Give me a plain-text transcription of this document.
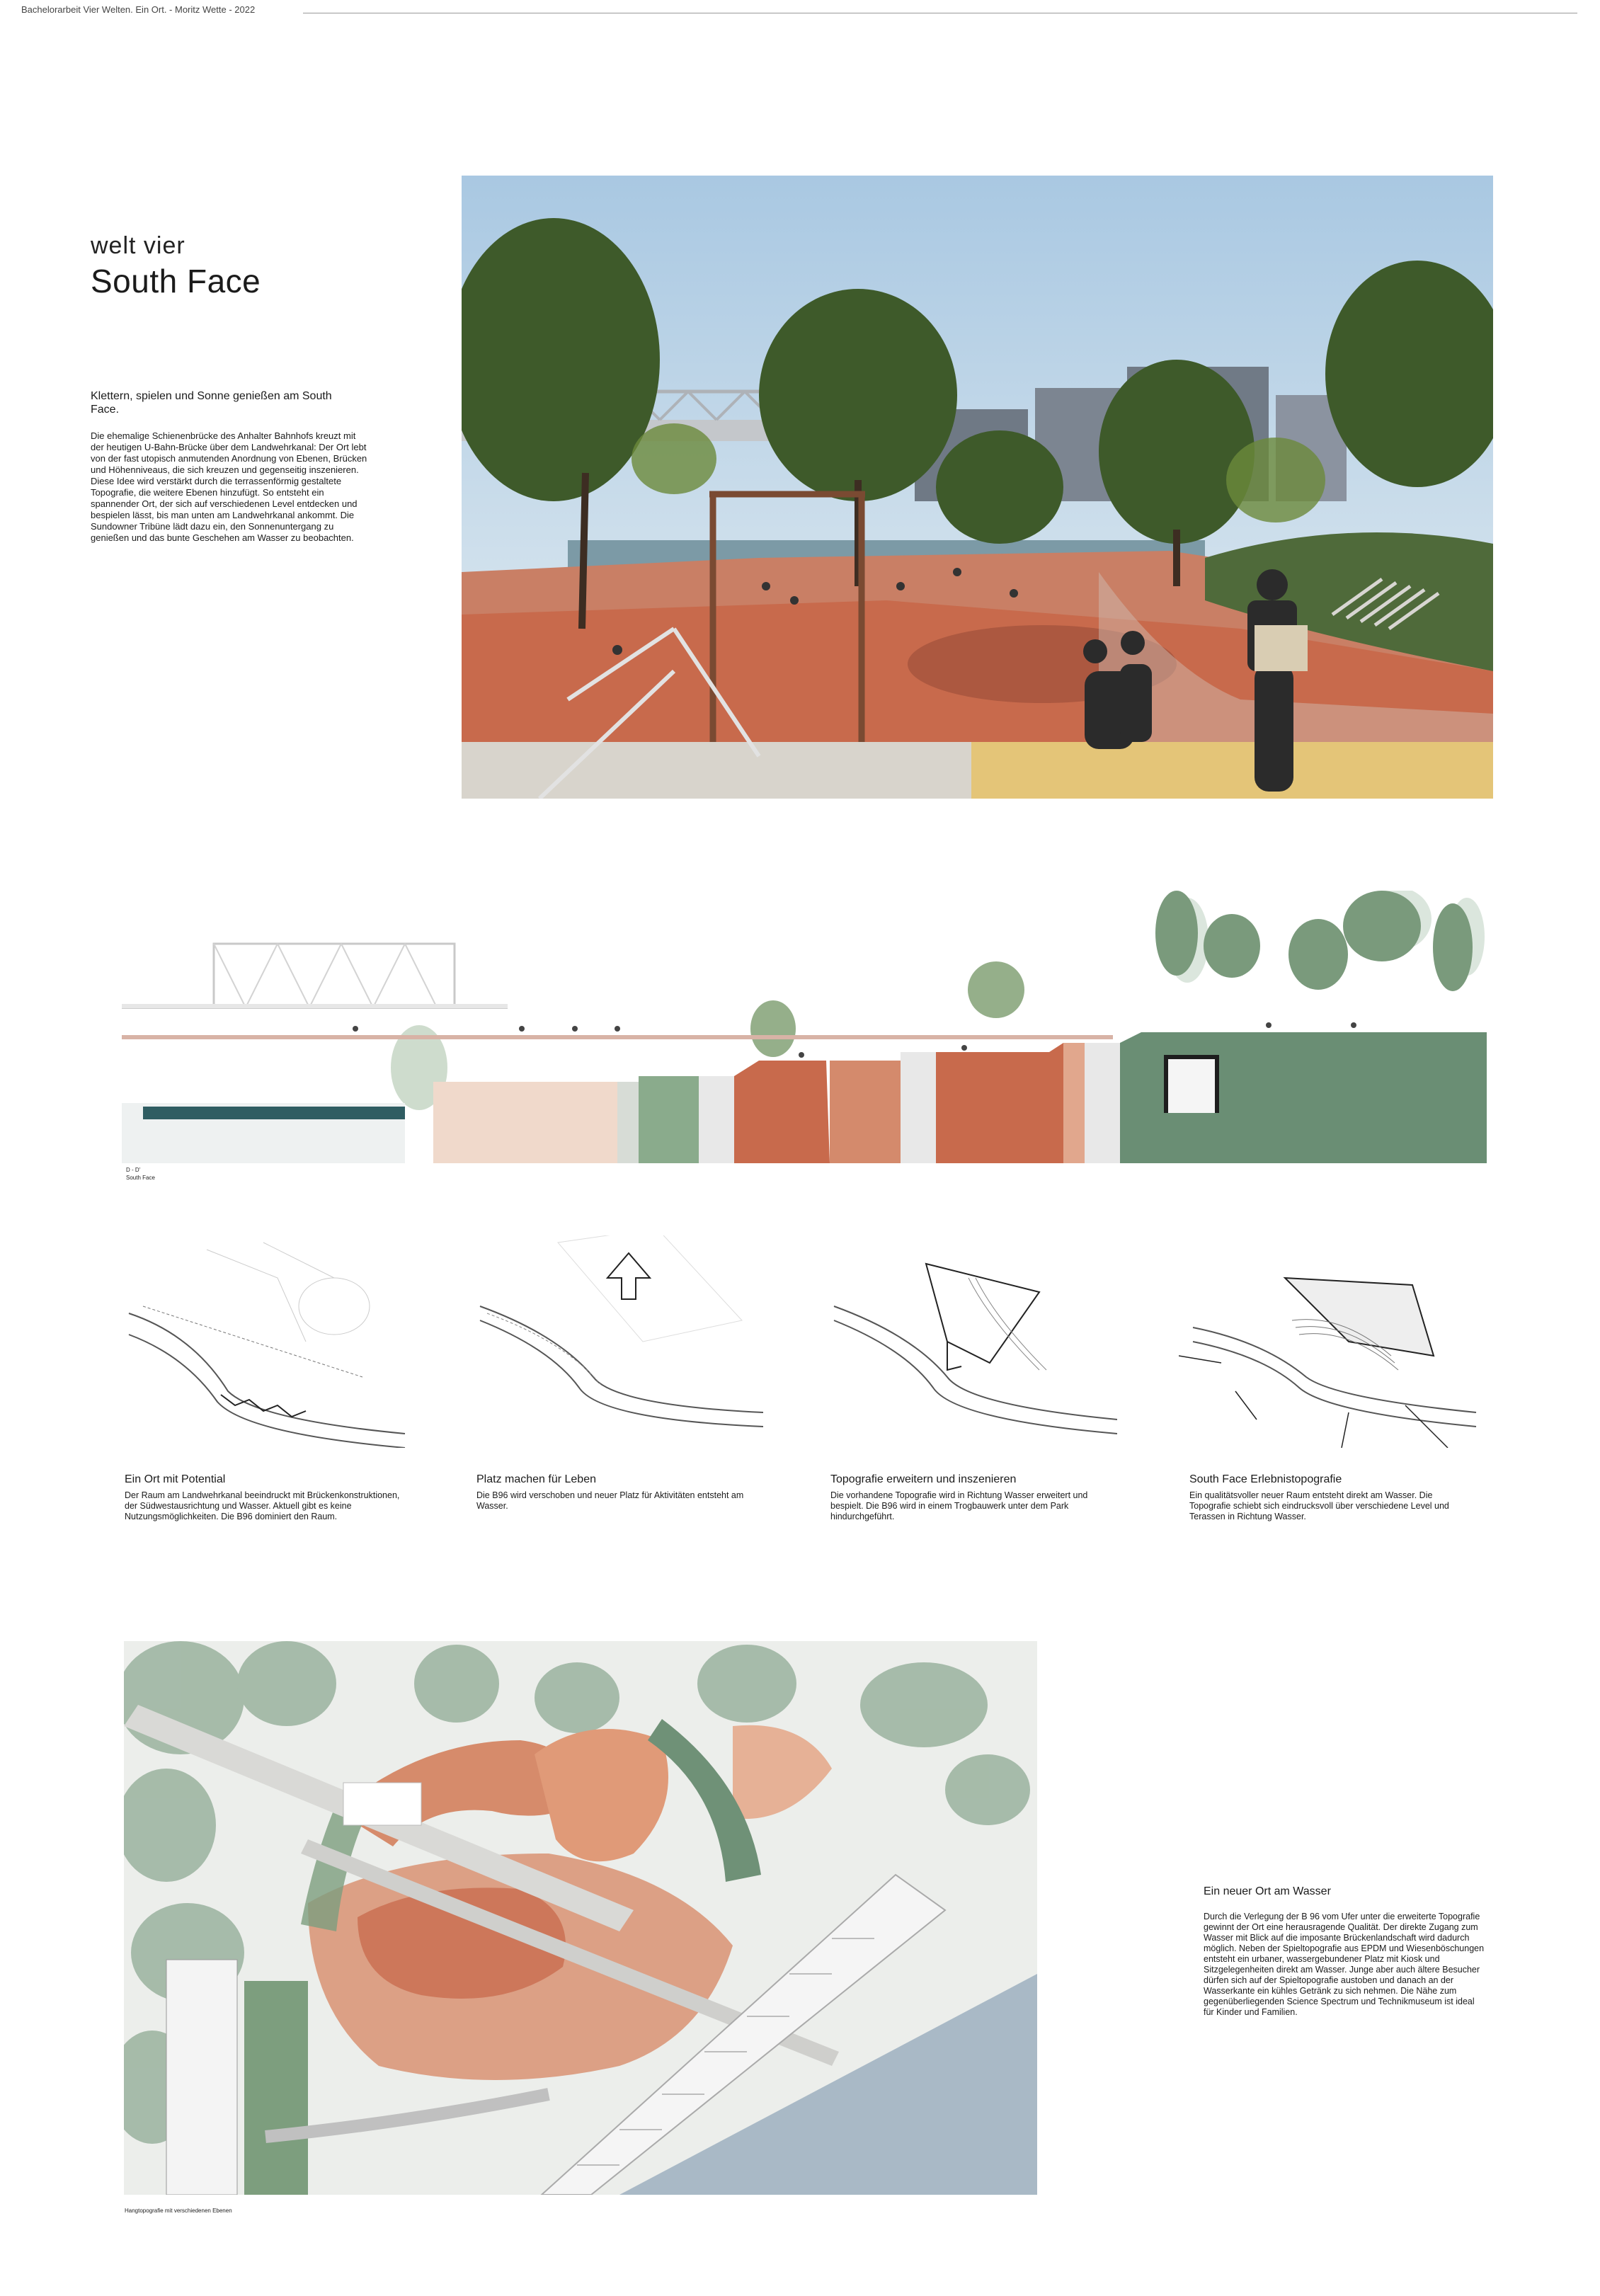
Bachelorarbeit Vier Welten. Ein Ort. - Moritz Wette - 2022
welt vier
South Face
Klettern, spielen und Sonne genießen am South Face.
Die ehemalige Schienenbrücke des Anhalter Bahnhofs kreuzt mit der heutigen U-Bahn-Brücke über dem Landwehrkanal: Der Ort lebt von der fast utopisch anmutenden Anordnung von Ebenen, Brücken und Höhenniveaus, die sich kreuzen und gegenseitig inszenieren. Diese Idee wird verstärkt durch die terrassenförmig gestaltete Topografie, die weitere Ebenen hinzufügt. So entsteht ein spannender Ort, der sich auf verschiedenen Level entdecken und bespielen lässt, bis man unten am Landwehrkanal ankommt. Die Sundowner Tribüne lädt dazu ein, den Sonnenuntergang zu genießen und das bunte Geschehen am Wasser zu beobachten.
D - D'
South Face
Ein Ort mit Potential
Der Raum am Landwehrkanal beeindruckt mit Brückenkonstruktionen, der Südwestausrichtung und Wasser. Aktuell gibt es keine Nutzungsmöglichkeiten. Die B96 dominiert den Raum.
Platz machen für Leben
Die B96 wird verschoben und neuer Platz für Aktivitäten entsteht am Wasser.
Topografie erweitern und inszenieren
Die vorhandene Topografie wird in Richtung Wasser erweitert und bespielt. Die B96 wird in einem Trogbauwerk unter dem Park hindurchgeführt.
South Face Erlebnistopografie
Ein qualitätsvoller neuer Raum entsteht direkt am Wasser. Die Topografie schiebt sich eindrucksvoll über verschiedene Level und Terassen in Richtung Wasser.
Hangtopografie mit verschiedenen Ebenen
Ein neuer Ort am Wasser
Durch die Verlegung der B 96 vom Ufer unter die erweiterte Topografie gewinnt der Ort eine herausragende Qualität. Der direkte Zugang zum Wasser mit Blick auf die imposante Brückenlandschaft wird dadurch möglich. Neben der Spieltopografie aus EPDM und Wiesenböschungen entsteht ein urbaner, wassergebundener Platz mit Kiosk und Sitzgelegenheiten direkt am Wasser. Junge aber auch ältere Besucher dürfen sich auf der Spieltopografie austoben und danach an der Wasserkante ein kühles Getränk zu sich nehmen. Die Nähe zum gegenüberliegenden Science Spectrum und Technikmuseum ist ideal für Kinder und Familien.
